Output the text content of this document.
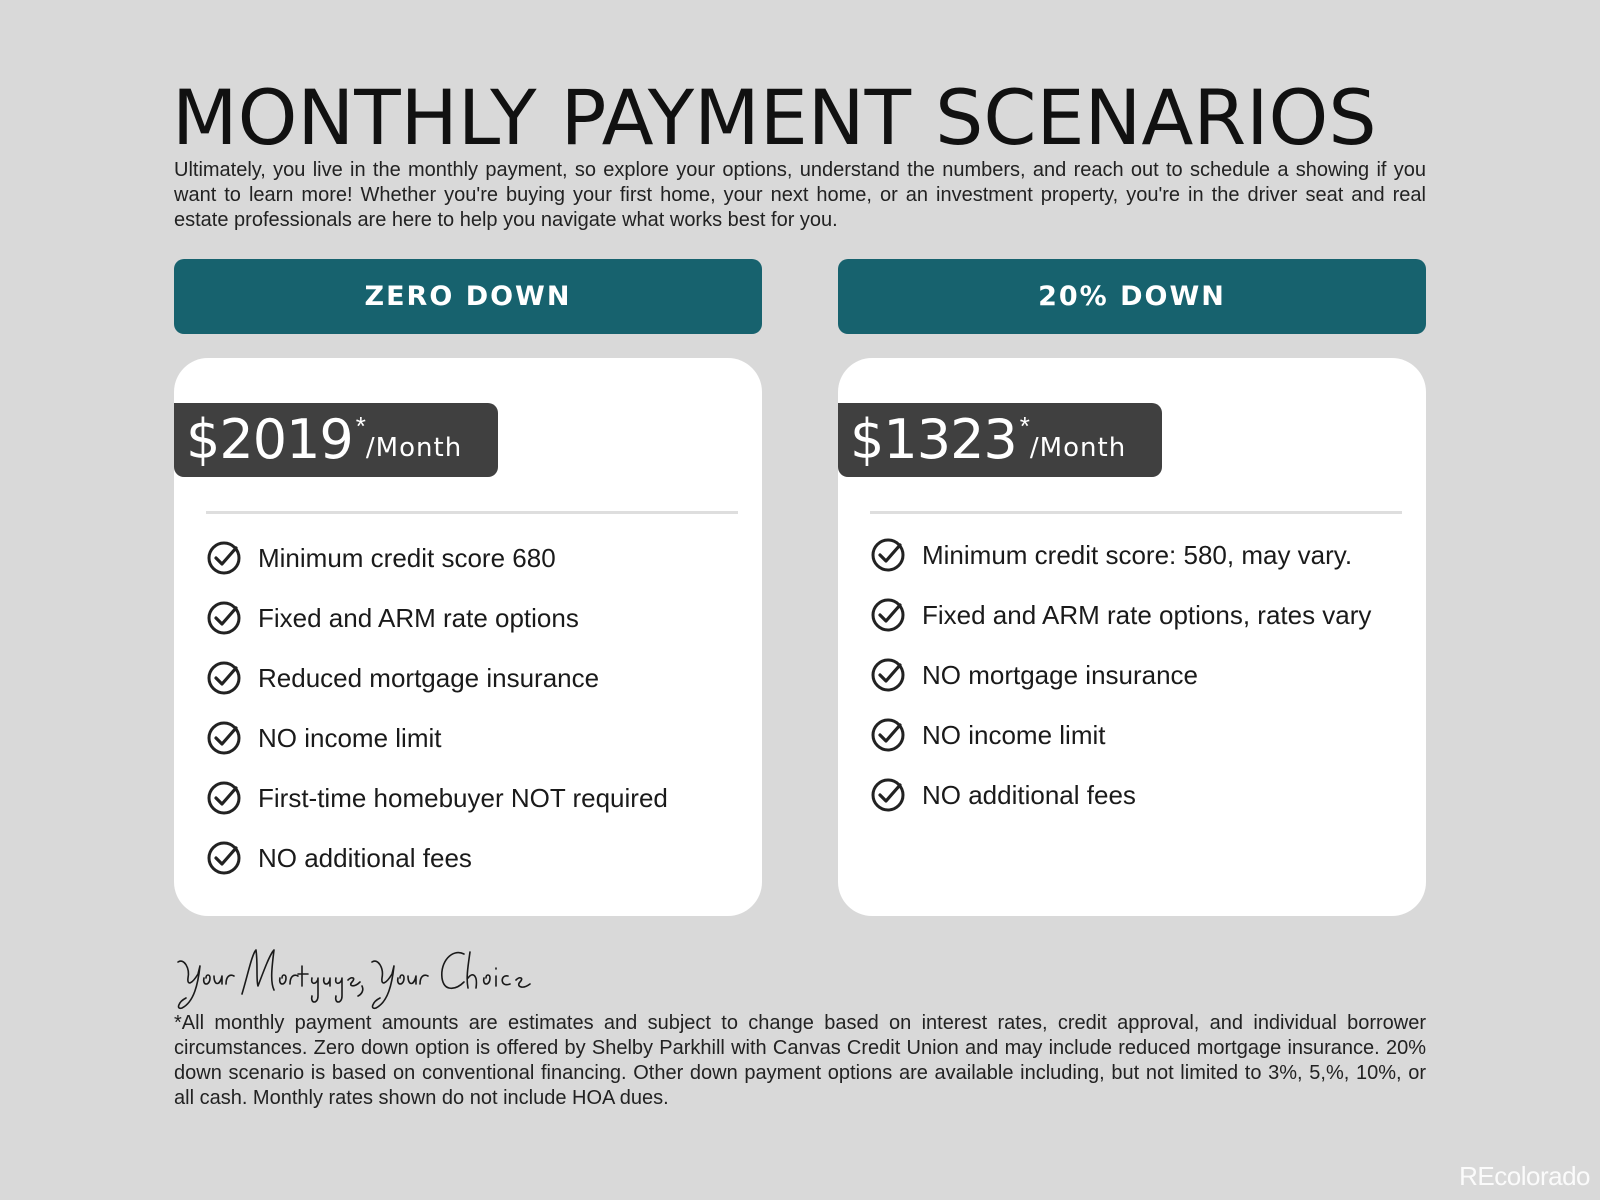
MONTHLY PAYMENT SCENARIOS

Ultimately, you live in the monthly payment, so explore your options, understand the numbers, and reach out to schedule a showing if you want to learn more! Whether you're buying your first home, your next home, or an investment property, you're in the driver seat and real estate professionals are here to help you navigate what works best for you.

ZERO DOWN
$2019 *
/Month
Minimum credit score 680
Fixed and ARM rate options
Reduced mortgage insurance
NO income limit
First-time homebuyer NOT required
NO additional fees
20% DOWN
$1323 *
/Month
Minimum credit score: 580, may vary.
Fixed and ARM rate options, rates vary
NO mortgage insurance
NO income limit
NO additional fees

*All monthly payment amounts are estimates and subject to change based on interest rates, credit approval, and individual borrower circumstances. Zero down option is offered by Shelby Parkhill with Canvas Credit Union and may include reduced mortgage insurance. 20% down scenario is based on conventional financing. Other down payment options are available including, but not limited to 3%, 5,%, 10%, or all cash. Monthly rates shown do not include HOA dues.

REcolorado
